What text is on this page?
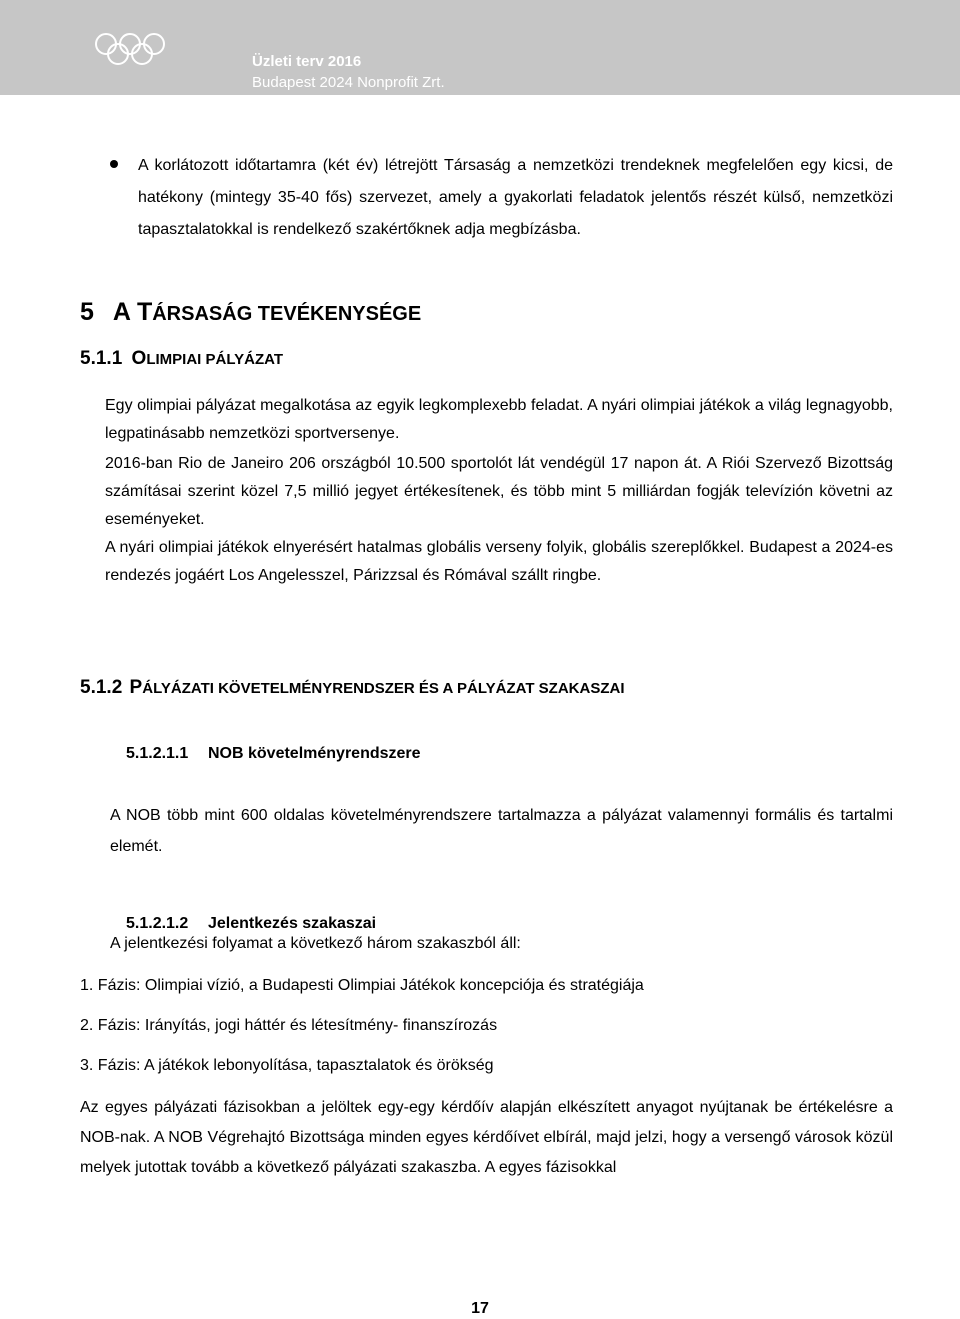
Üzleti terv 2016
Budapest 2024 Nonprofit Zrt.
A korlátozott időtartamra (két év) létrejött Társaság a nemzetközi trendeknek megfelelően egy kicsi, de hatékony (mintegy 35-40 fős) szervezet, amely a gyakorlati feladatok jelentős részét külső, nemzetközi tapasztalatokkal is rendelkező szakértőknek adja megbízásba.
5 A TÁRSASÁG TEVÉKENYSÉGE
5.1.1 OLIMPIAI PÁLYÁZAT
Egy olimpiai pályázat megalkotása az egyik legkomplexebb feladat. A nyári olimpiai játékok a világ legnagyobb, legpatinásabb nemzetközi sportversenye.
2016-ban Rio de Janeiro 206 országból 10.500 sportolót lát vendégül 17 napon át. A Riói Szervező Bizottság számításai szerint közel 7,5 millió jegyet értékesítenek, és több mint 5 milliárdan fogják televízión követni az eseményeket.
A nyári olimpiai játékok elnyerésért hatalmas globális verseny folyik, globális szereplőkkel. Budapest a 2024-es rendezés jogáért Los Angelesszel, Párizzsal és Rómával szállt ringbe.
5.1.2 PÁLYÁZATI KÖVETELMÉNYRENDSZER ÉS A PÁLYÁZAT SZAKASZAI
5.1.2.1.1 NOB követelményrendszere
A NOB több mint 600 oldalas követelményrendszere tartalmazza a pályázat valamennyi formális és tartalmi elemét.
5.1.2.1.2 Jelentkezés szakaszai
A jelentkezési folyamat a következő három szakaszból áll:
1. Fázis: Olimpiai vízió, a Budapesti Olimpiai Játékok koncepciója és stratégiája
2. Fázis: Irányítás, jogi háttér és létesítmény- finanszírozás
3. Fázis: A játékok lebonyolítása, tapasztalatok és örökség
Az egyes pályázati fázisokban a jelöltek egy-egy kérdőív alapján elkészített anyagot nyújtanak be értékelésre a NOB-nak. A NOB Végrehajtó Bizottsága minden egyes kérdőívet elbírál, majd jelzi, hogy a versengő városok közül melyek jutottak tovább a következő pályázati szakaszba. A egyes fázisokkal
17
